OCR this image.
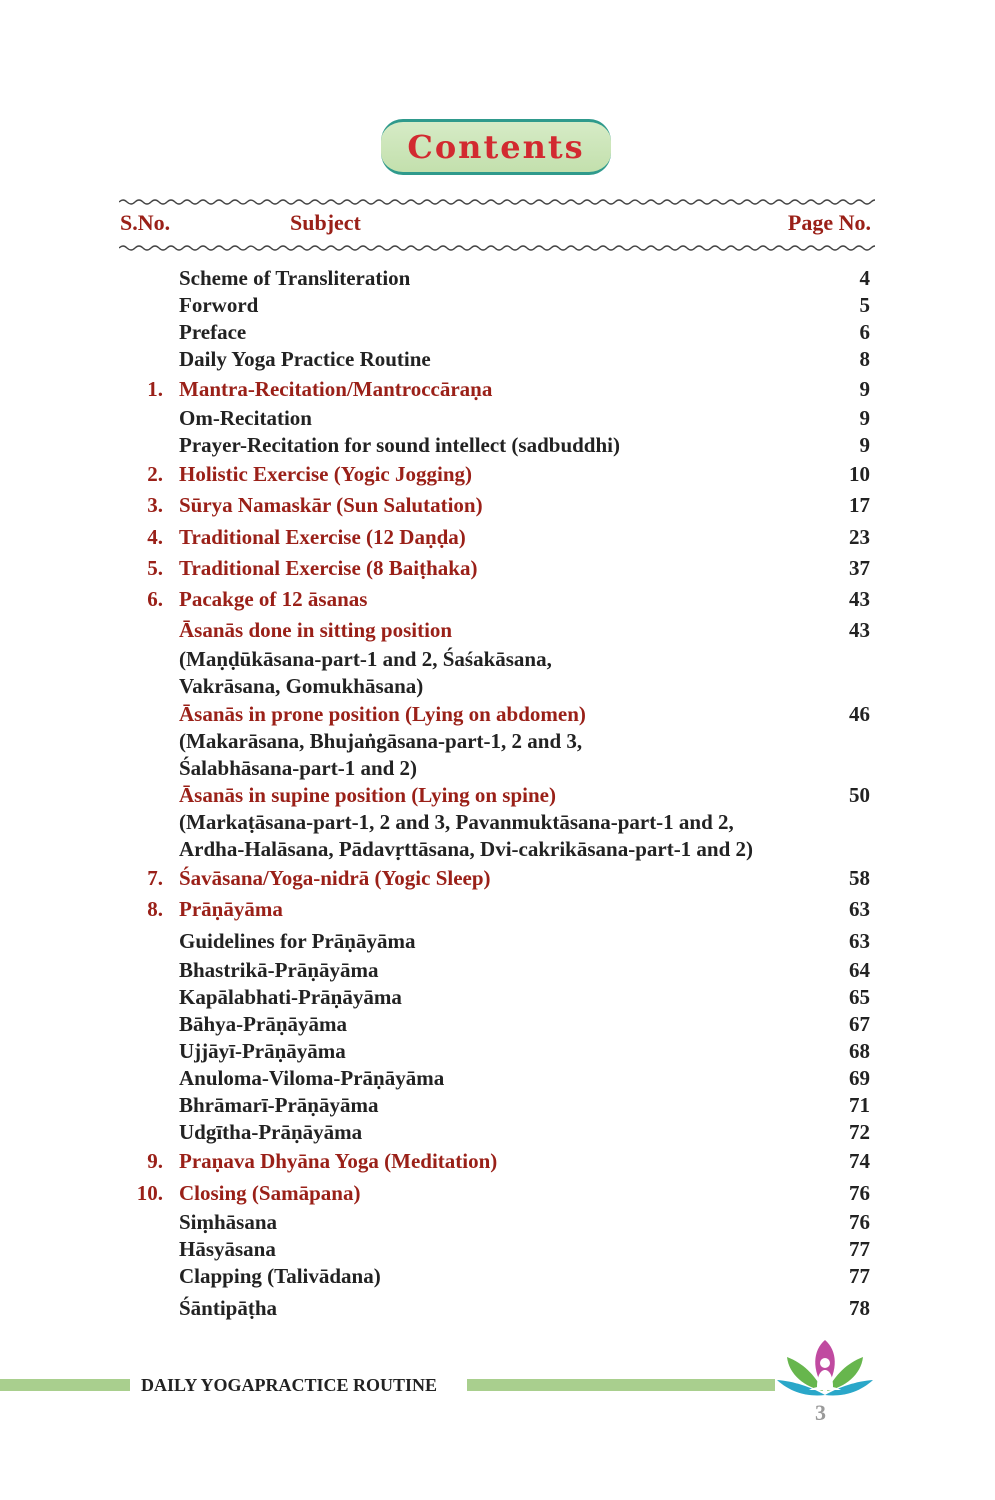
Contents
S.No.	Subject	Page No.
Scheme of Transliteration	4
Forword	5
Preface	6
Daily Yoga Practice Routine	8
1. Mantra-Recitation/Mantroccāraṇa	9
Om-Recitation	9
Prayer-Recitation for sound intellect (sadbuddhi)	9
2. Holistic Exercise (Yogic Jogging)	10
3. Sūrya Namaskār (Sun Salutation)	17
4. Traditional Exercise (12 Daṇḍa)	23
5. Traditional Exercise (8 Baiṭhaka)	37
6. Pacakge of 12 āsanas	43
Āsanās done in sitting position	43
(Maṇḍūkāsana-part-1 and 2, Śaśakāsana,
Vakrāsana, Gomukhāsana)
Āsanās in prone position (Lying on abdomen)	46
(Makarāsana, Bhujaṅgāsana-part-1, 2 and 3,
Śalabhāsana-part-1 and 2)
Āsanās in supine position (Lying on spine)	50
(Markaṭāsana-part-1, 2 and 3, Pavanmuktāsana-part-1 and 2,
Ardha-Halāsana, Pādavṛttāsana, Dvi-cakrikāsana-part-1 and 2)
7. Śavāsana/Yoga-nidrā (Yogic Sleep)	58
8. Prāṇāyāma	63
Guidelines for Prāṇāyāma	63
Bhastrikā-Prāṇāyāma	64
Kapālabhati-Prāṇāyāma	65
Bāhya-Prāṇāyāma	67
Ujjāyī-Prāṇāyāma	68
Anuloma-Viloma-Prāṇāyāma	69
Bhrāmarī-Prāṇāyāma	71
Udgītha-Prāṇāyāma	72
9. Praṇava Dhyāna Yoga (Meditation)	74
10. Closing (Samāpana)	76
Siṃhāsana	76
Hāsyāsana	77
Clapping (Talivādana)	77
Śāntipāṭha	78
DAILY YOGAPRACTICE ROUTINE
3
